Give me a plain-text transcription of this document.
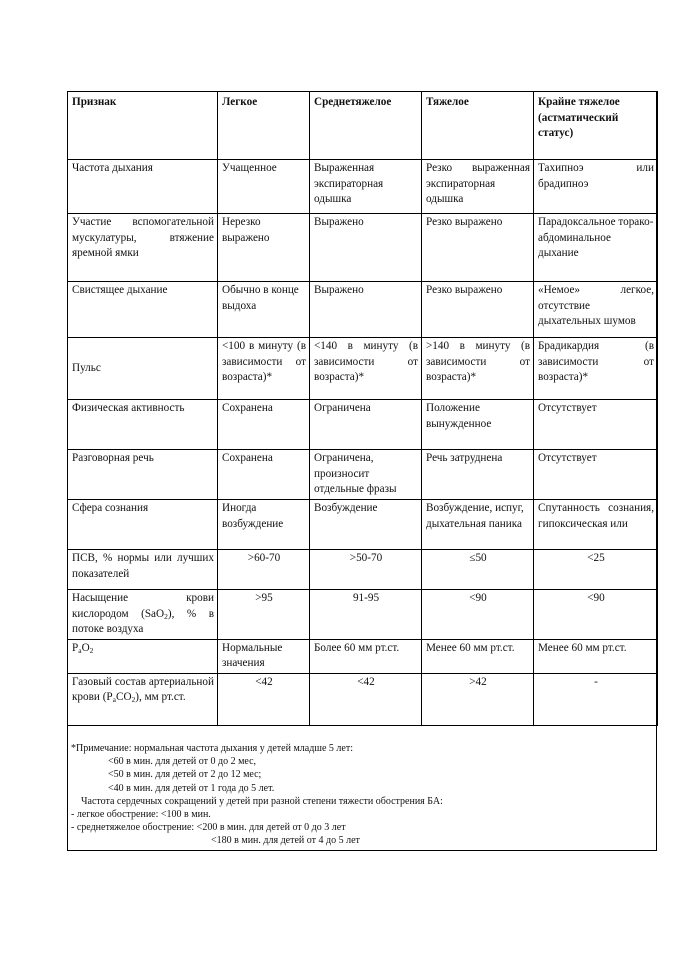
Признак	Легкое	Среднетяжелое	Тяжелое	Крайне тяжелое (астматический статус)
Частота дыхания	Учащенное	Выраженная экспираторная одышка	Резко выраженная экспираторная одышка	Тахипноэ или брадипноэ
Участие вспомогательной мускулатуры, втяжение яремной ямки	Нерезко выражено	Выражено	Резко выражено	Парадоксальное торако-абдоминальное дыхание
Свистящее дыхание	Обычно в конце выдоха	Выражено	Резко выражено	«Немое» легкое, отсутствие дыхательных шумов
Пульс	<100 в минуту (в зависимости от возраста)*	<140 в минуту (в зависимости от возраста)*	>140 в минуту (в зависимости от возраста)*	Брадикардия (в зависимости от возраста)*
Физическая активность	Сохранена	Ограничена	Положение вынужденное	Отсутствует
Разговорная речь	Сохранена	Ограничена, произносит отдельные фразы	Речь затруднена	Отсутствует
Сфера сознания	Иногда возбуждение	Возбуждение	Возбуждение, испуг, дыхательная паника	Спутанность сознания, гипоксическая или
ПСВ, % нормы или лучших показателей	>60-70	>50-70	≤50	<25
Насыщение крови кислородом (SaO$_2$), % в потоке воздуха	>95	91-95	<90	<90
$P_aO_2$	Нормальные значения	Более 60 мм рт.ст.	Менее 60 мм рт.ст.	Менее 60 мм рт.ст.
Газовый состав артериальной крови $(P_aCO_2)$, мм рт.ст.	<42	<42	>42	-
*Примечание: нормальная частота дыхания у детей младше 5 лет:
<60 в мин. для детей от 0 до 2 мес,
<50 в мин. для детей от 2 до 12 мес;
<40 в мин. для детей от 1 года до 5 лет.
Частота сердечных сокращений у детей при разной степени тяжести обострения БА:
- легкое обострение: <100 в мин.
- среднетяжелое обострение: <200 в мин. для детей от 0 до 3 лет
<180 в мин. для детей от 4 до 5 лет
